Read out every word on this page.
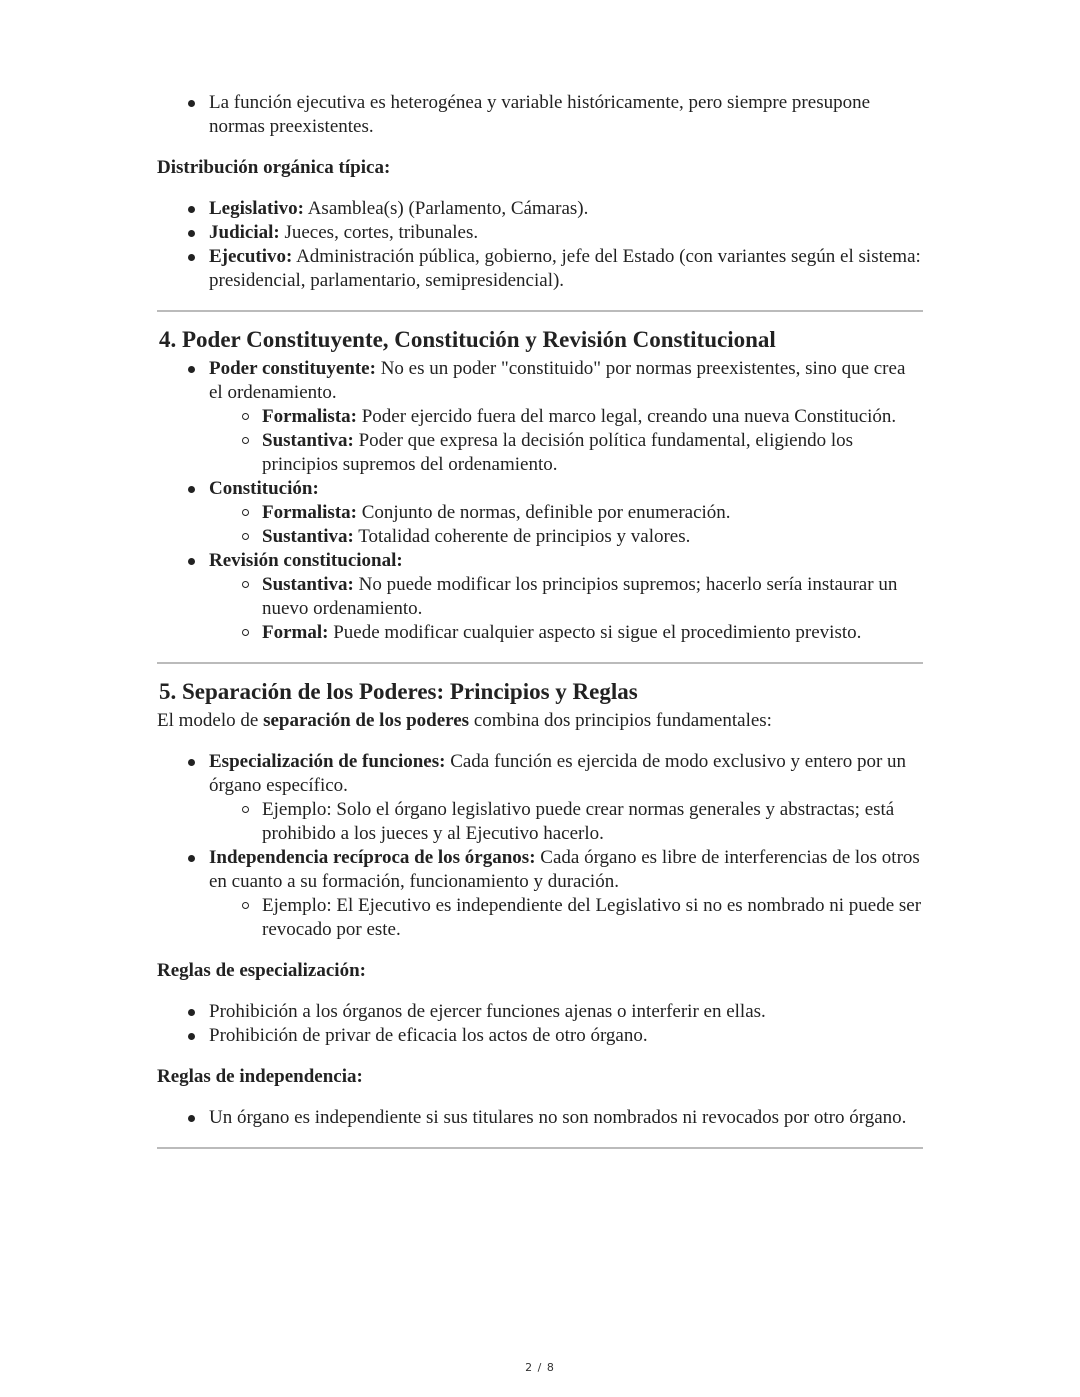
La función ejecutiva es heterogénea y variable históricamente, pero siempre presupone normas preexistentes.

Distribución orgánica típica:

Legislativo: Asamblea(s) (Parlamento, Cámaras).
Judicial: Jueces, cortes, tribunales.
Ejecutivo: Administración pública, gobierno, jefe del Estado (con variantes según el sistema: presidencial, parlamentario, semipresidencial).
4. Poder Constituyente, Constitución y Revisión Constitucional
Poder constituyente: No es un poder "constituido" por normas preexistentes, sino que crea el ordenamiento.
Formalista: Poder ejercido fuera del marco legal, creando una nueva Constitución.
Sustantiva: Poder que expresa la decisión política fundamental, eligiendo los principios supremos del ordenamiento.
Constitución:
Formalista: Conjunto de normas, definible por enumeración.
Sustantiva: Totalidad coherente de principios y valores.
Revisión constitucional:
Sustantiva: No puede modificar los principios supremos; hacerlo sería instaurar un nuevo ordenamiento.
Formal: Puede modificar cualquier aspecto si sigue el procedimiento previsto.
5. Separación de los Poderes: Principios y Reglas

El modelo de separación de los poderes combina dos principios fundamentales:

Especialización de funciones: Cada función es ejercida de modo exclusivo y entero por un órgano específico.
Ejemplo: Solo el órgano legislativo puede crear normas generales y abstractas; está prohibido a los jueces y al Ejecutivo hacerlo.
Independencia recíproca de los órganos: Cada órgano es libre de interferencias de los otros en cuanto a su formación, funcionamiento y duración.
Ejemplo: El Ejecutivo es independiente del Legislativo si no es nombrado ni puede ser revocado por este.

Reglas de especialización:

Prohibición a los órganos de ejercer funciones ajenas o interferir en ellas.
Prohibición de privar de eficacia los actos de otro órgano.

Reglas de independencia:

Un órgano es independiente si sus titulares no son nombrados ni revocados por otro órgano.
2 / 8
